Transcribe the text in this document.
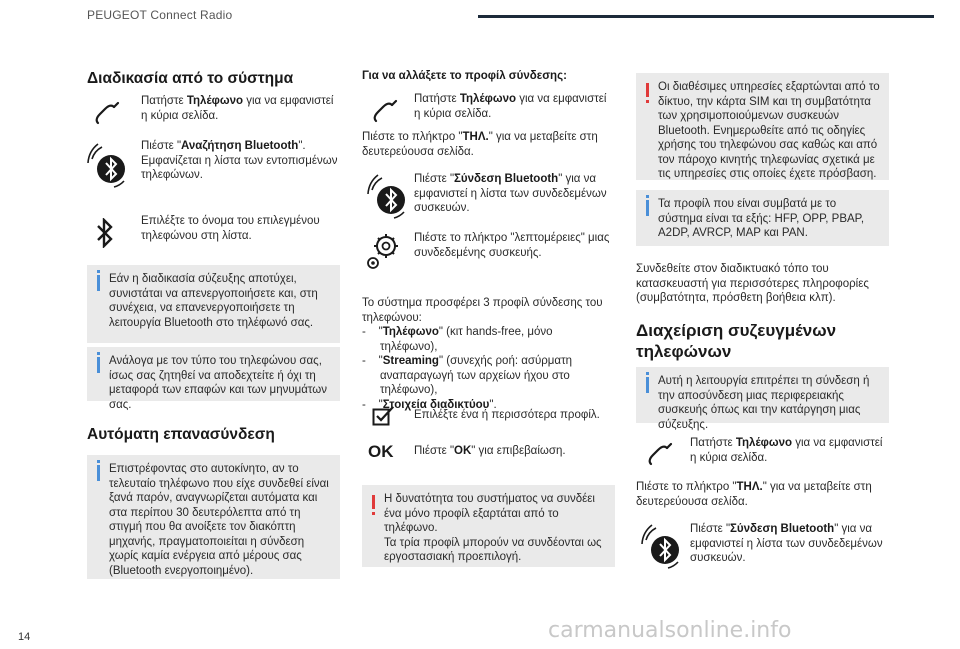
PEUGEOT Connect Radio
Διαδικασία από το σύστημα
Πατήστε Τηλέφωνο για να εμφανιστεί η κύρια σελίδα.
Πιέστε "Αναζήτηση Bluetooth". Εμφανίζεται η λίστα των εντοπισμένων τηλεφώνων.
Επιλέξτε το όνομα του επιλεγμένου τηλεφώνου στη λίστα.
Εάν η διαδικασία σύζευξης αποτύχει, συνιστάται να απενεργοποιήσετε και, στη συνέχεια, να επανενεργοποιήσετε τη λειτουργία Bluetooth στο τηλέφωνό σας.
Ανάλογα με τον τύπο του τηλεφώνου σας, ίσως σας ζητηθεί να αποδεχτείτε ή όχι τη μεταφορά των επαφών και των μηνυμάτων σας.
Αυτόματη επανασύνδεση
Επιστρέφοντας στο αυτοκίνητο, αν το τελευταίο τηλέφωνο που είχε συνδεθεί είναι ξανά παρόν, αναγνωρίζεται αυτόματα και στα περίπου 30 δευτερόλεπτα από τη στιγμή που θα ανοίξετε τον διακόπτη μηχανής, πραγματοποιείται η σύνδεση χωρίς καμία ενέργεια από μέρους σας (Bluetooth ενεργοποιημένο).
Για να αλλάξετε το προφίλ σύνδεσης:
Πατήστε Τηλέφωνο για να εμφανιστεί η κύρια σελίδα.
Πιέστε το πλήκτρο "ΤΗΛ." για να μεταβείτε στη δευτερεύουσα σελίδα.
Πιέστε "Σύνδεση Bluetooth" για να εμφανιστεί η λίστα των συνδεδεμένων συσκευών.
Πιέστε το πλήκτρο "λεπτομέρειες" μιας συνδεδεμένης συσκευής.
Το σύστημα προσφέρει 3 προφίλ σύνδεσης του τηλεφώνου:
- "Τηλέφωνο" (κιτ hands-free, μόνο τηλέφωνο),
- "Streaming" (συνεχής ροή: ασύρματη αναπαραγωγή των αρχείων ήχου στο τηλέφωνο),
- "Στοιχεία διαδικτύου".
Επιλέξτε ένα ή περισσότερα προφίλ.
OK Πιέστε "OK" για επιβεβαίωση.
Η δυνατότητα του συστήματος να συνδέει ένα μόνο προφίλ εξαρτάται από το τηλέφωνο.
Τα τρία προφίλ μπορούν να συνδέονται ως εργοστασιακή προεπιλογή.
Οι διαθέσιμες υπηρεσίες εξαρτώνται από το δίκτυο, την κάρτα SIM και τη συμβατότητα των χρησιμοποιούμενων συσκευών Bluetooth. Ενημερωθείτε από τις οδηγίες χρήσης του τηλεφώνου σας καθώς και από τον πάροχο κινητής τηλεφωνίας σχετικά με τις υπηρεσίες στις οποίες έχετε πρόσβαση.
Τα προφίλ που είναι συμβατά με το σύστημα είναι τα εξής: HFP, OPP, PBAP, A2DP, AVRCP, MAP και PAN.
Συνδεθείτε στον διαδικτυακό τόπο του κατασκευαστή για περισσότερες πληροφορίες (συμβατότητα, πρόσθετη βοήθεια κλπ).
Διαχείριση συζευγμένων τηλεφώνων
Αυτή η λειτουργία επιτρέπει τη σύνδεση ή την αποσύνδεση μιας περιφερειακής συσκευής όπως και την κατάργηση μιας σύζευξης.
Πατήστε Τηλέφωνο για να εμφανιστεί η κύρια σελίδα.
Πιέστε το πλήκτρο "ΤΗΛ." για να μεταβείτε στη δευτερεύουσα σελίδα.
Πιέστε "Σύνδεση Bluetooth" για να εμφανιστεί η λίστα των συνδεδεμένων συσκευών.
14	carmanualsonline.info
